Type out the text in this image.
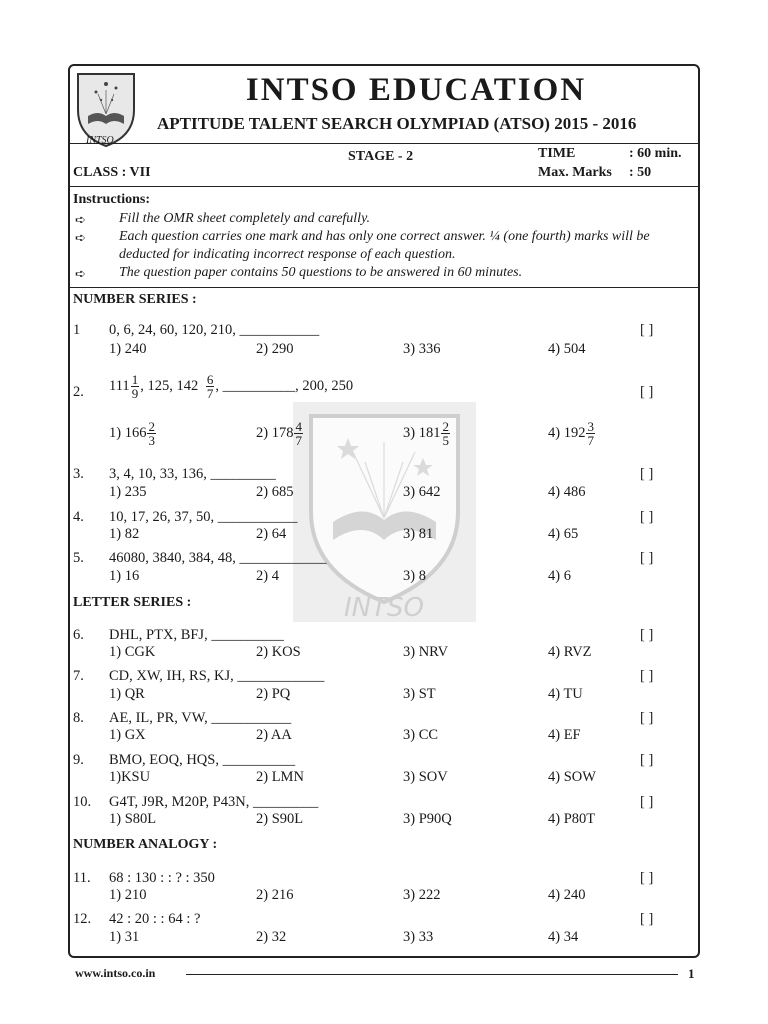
INTSO
INTSO EDUCATION
APTITUDE TALENT SEARCH OLYMPIAD (ATSO) 2015 - 2016
STAGE - 2	TIME	: 60 min.
CLASS : VII	Max. Marks : 50
Instructions:
➪ Fill the OMR sheet completely and carefully.
➪ Each question carries one mark and has only one correct answer. ¼ (one fourth) marks will be
deducted for indicating incorrect response of each question.
➪ The question paper contains 50 questions to be answered in 60 minutes.
INTSO
NUMBER SERIES :
LETTER SERIES :
NUMBER ANALOGY :
1 0, 6, 24, 60, 120, 210, ___________	[ ]
1) 240	2) 290	3) 336	4) 504
2. $111 \frac{1}{9}$ , 125, $142 \frac{6}{7}$ , __________, 200, 250	[ ]
1) $166 \frac{2}{3}$	2) $178 \frac{4}{7}$	3) $181 \frac{2}{5}$	4) $192 \frac{3}{7}$
3. 3, 4, 10, 33, 136, _________	[ ]
1) 235	2) 685	3) 642	4) 486
4. 10, 17, 26, 37, 50, ___________	[ ]
1) 82	2) 64	3) 81	4) 65
5. 46080, 3840, 384, 48, ____________	[ ]
1) 16	2) 4	3) 8	4) 6
6. DHL, PTX, BFJ, __________	[ ]
1) CGK	2) KOS	3) NRV	4) RVZ
7. CD, XW, IH, RS, KJ, ____________	[ ]
1) QR	2) PQ	3) ST	4) TU
8. AE, IL, PR, VW, ___________	[ ]
1) GX	2) AA	3) CC	4) EF
9. BMO, EOQ, HQS, __________	[ ]
1)KSU	2) LMN	3) SOV	4) SOW
10. G4T, J9R, M20P, P43N, _________	[ ]
1) S80L	2) S90L	3) P90Q	4) P80T
11. 68 : 130 : : ? : 350	[ ]
1) 210	2) 216	3) 222	4) 240
12. 42 : 20 : : 64 : ?	[ ]
1) 31	2) 32	3) 33	4) 34
www.intso.co.in	1
